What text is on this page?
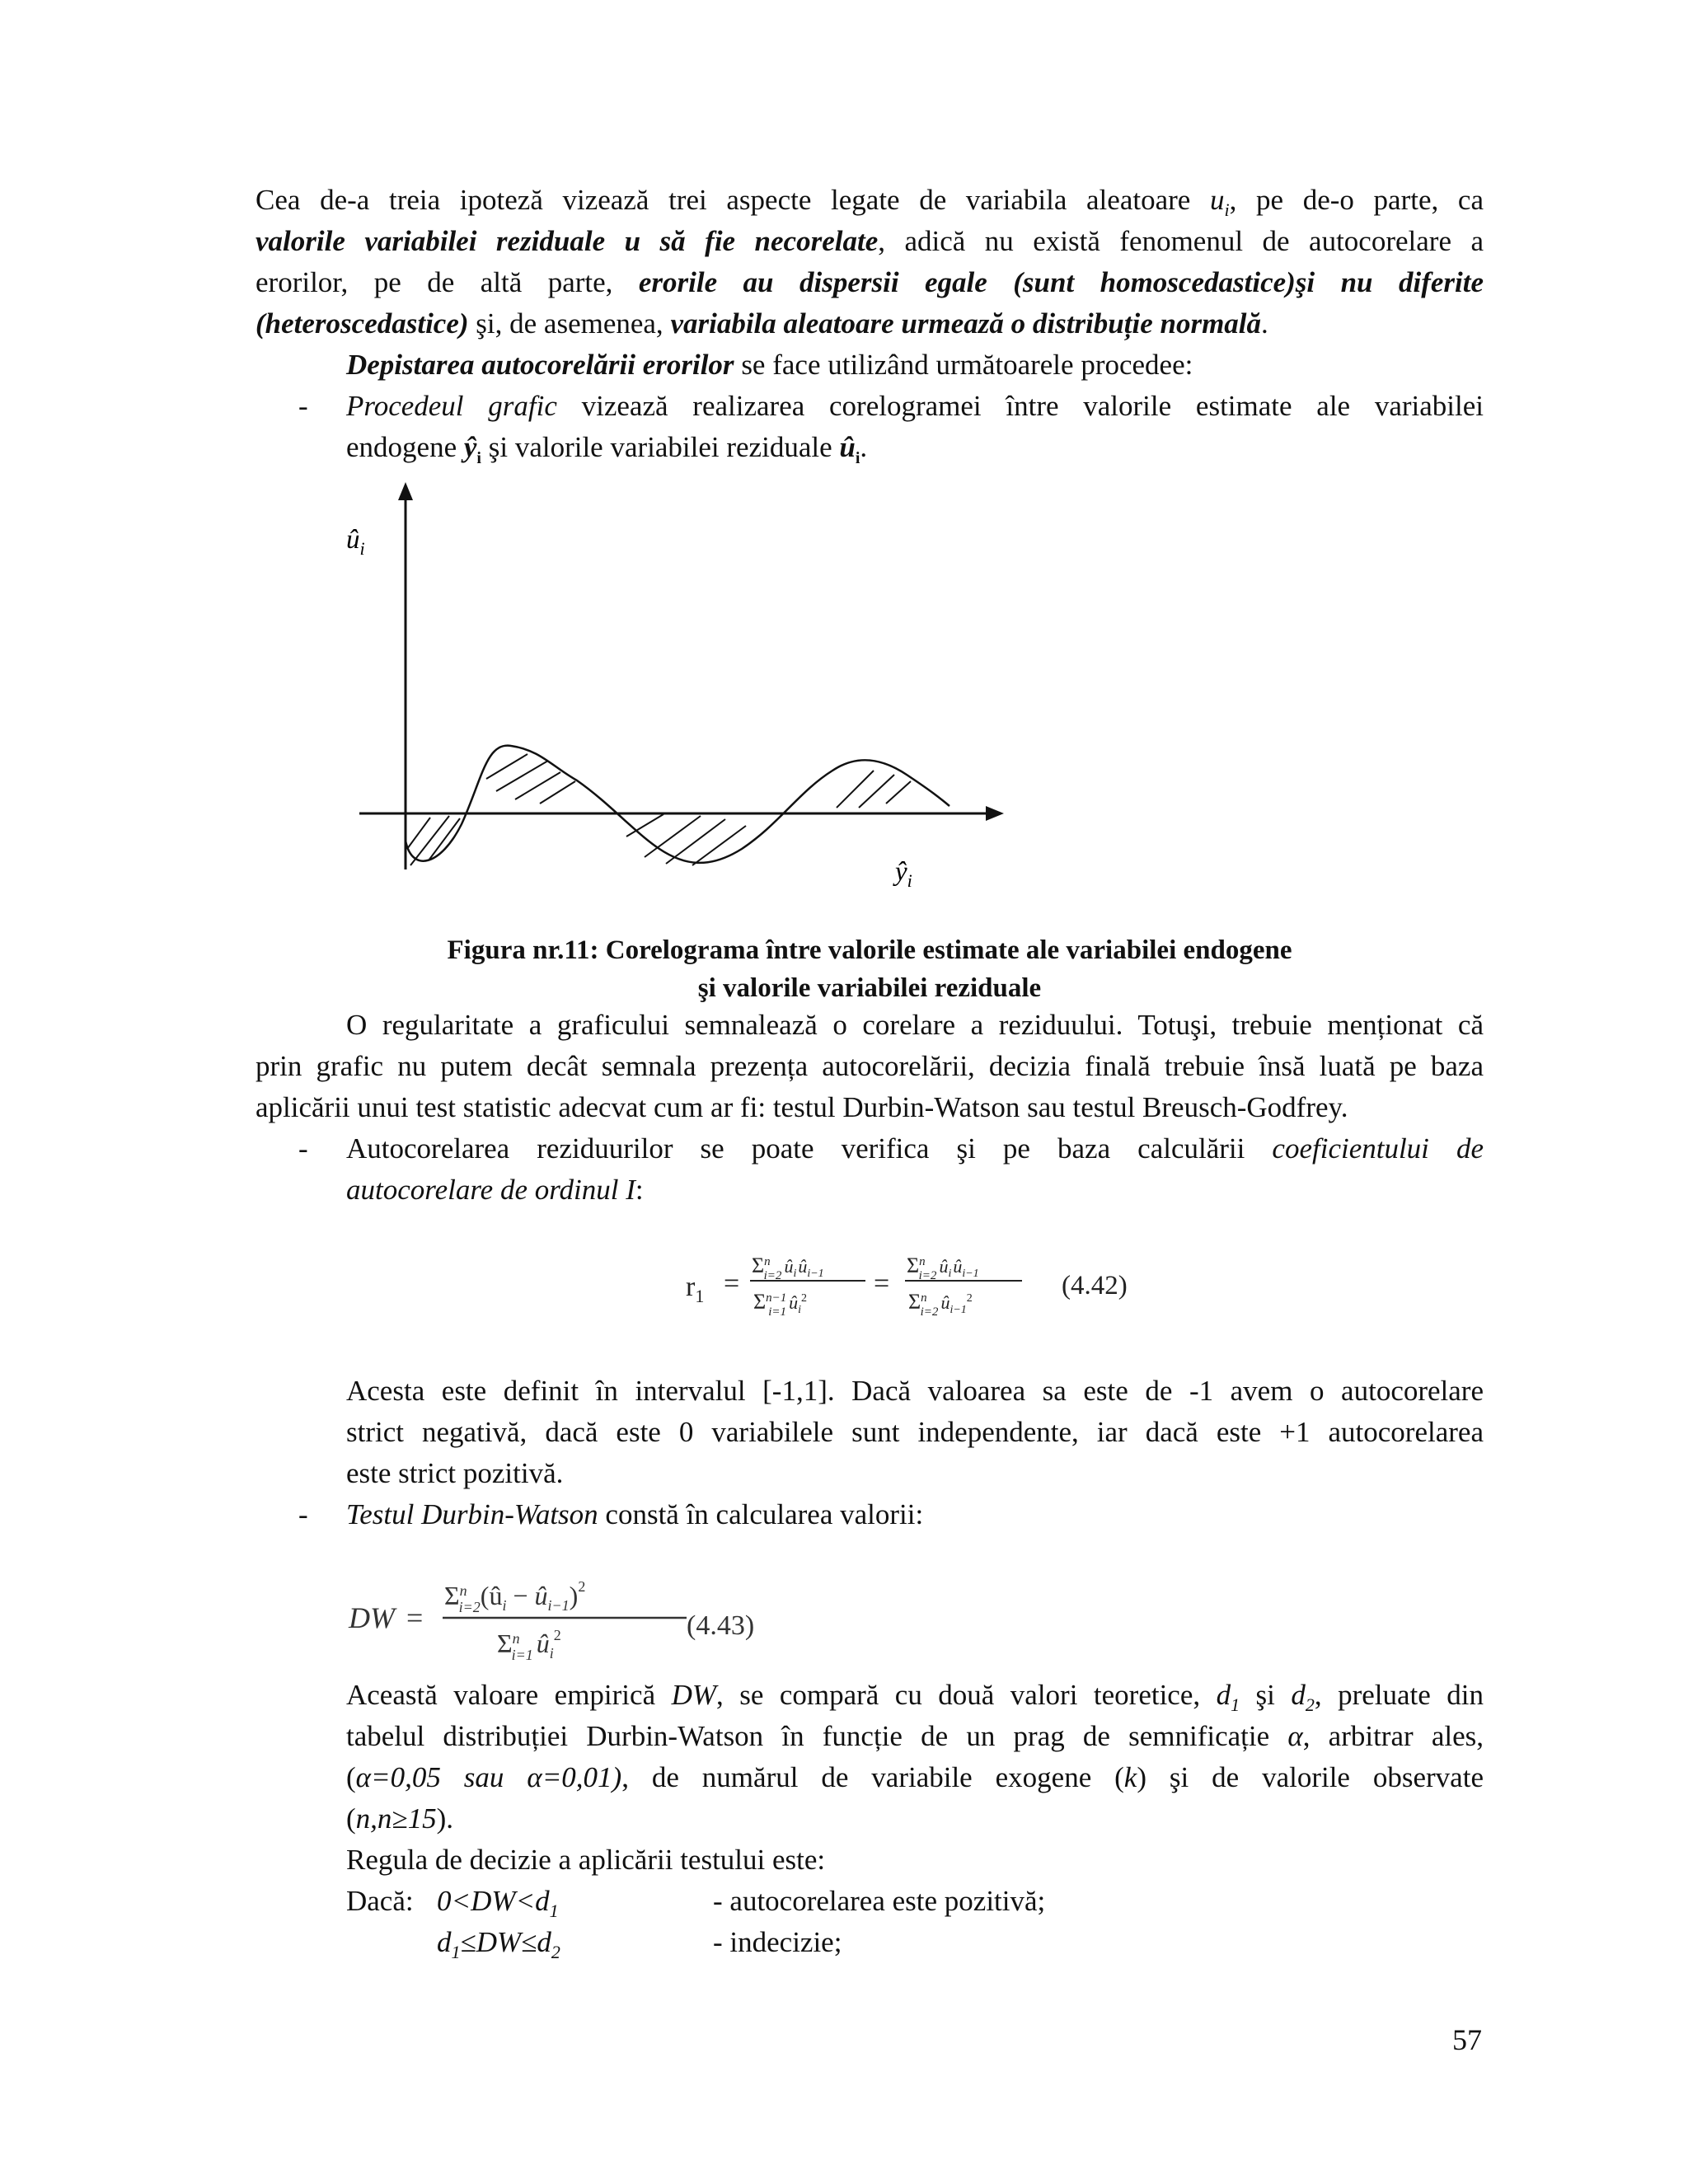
Cea de-a treia ipoteză vizează trei aspecte legate de variabila aleatoare $u_i$, pe de-o parte, ca
valorile variabilei reziduale u să fie necorelate, adică nu există fenomenul de autocorelare a
erorilor, pe de altă parte, erorile au dispersii egale (sunt homoscedastice)şi nu diferite
(heteroscedastice) şi, de asemenea, variabila aleatoare urmează o distribuție normală.
Depistarea autocorelării erorilor se face utilizând următoarele procedee:
- Procedeul grafic vizează realizarea corelogramei între valorile estimate ale variabilei
endogene $ŷ_i$ şi valorile variabilei reziduale $û_i$.
$û_i$
$ŷ_i$
Figura nr.11: Corelograma între valorile estimate ale variabilei endogene
şi valorile variabilei reziduale
O regularitate a graficului semnalează o corelare a reziduului. Totuşi, trebuie menționat că
prin grafic nu putem decât semnala prezența autocorelării, decizia finală trebuie însă luată pe baza
aplicării unui test statistic adecvat cum ar fi: testul Durbin-Watson sau testul Breusch-Godfrey.
- Autocorelarea reziduurilor se poate verifica şi pe baza calculării coeficientului de
autocorelare de ordinul I:
$r_1$ =
$\Sigma^n$ i=2 $^û$iûi−1
$\Sigma^{n-1}$ i=1 $^ûi^2$ =
$\Sigma^n$ i=2 $^û$iûi−1
$\Sigma^n$ i=2 $^ûi-1^2$	(4.42)
Acesta este definit în intervalul [-1,1]. Dacă valoarea sa este de -1 avem o autocorelare
strict negativă, dacă este 0 variabilele sunt independente, iar dacă este +1 autocorelarea
este strict pozitivă.
- Testul Durbin-Watson constă în calcularea valorii:
DW =
$\Sigma^n$ $i=2(û_i$ − $û_{i-1})^2$
$\Sigma^n$ i=1 $û_i^2$	(4.43)
Această valoare empirică DW, se compară cu două valori teoretice, $d_1$ şi $d_2$, preluate din
tabelul distribuției Durbin-Watson în funcție de un prag de semnificație α, arbitrar ales,
(α=0,05 sau α=0,01), de numărul de variabile exogene (k) şi de valorile observate
(n,n≥15).
Regula de decizie a aplicării testului este:
Dacă: $0<DW<d_1$	- autocorelarea este pozitivă;
$d_1\le DW\le d_2$	- indecizie;
57
